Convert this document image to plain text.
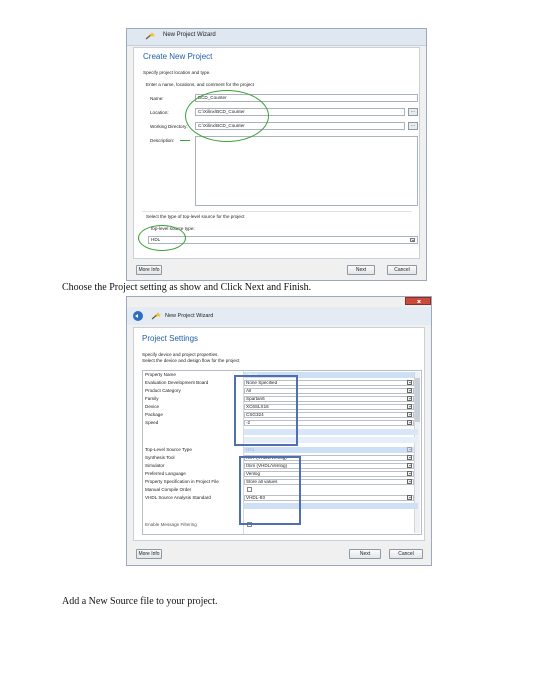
New Project Wizard
Create New Project
Specify project location and type.
Enter a name, locations, and comment for the project
Name:	BCD_Counter
Location:	C:\Xilinx\BCD_Counter	...
Working Directory:	C:\Xilinx\BCD_Counter	...
Description:
Select the type of top-level source for the project
Top-level source type:
HDL
More Info	Next	Cancel
Choose the Project setting as show and Click Next and Finish.
New Project Wizard
Project Settings
Specify device and project properties.
Select the device and design flow for the project
Property Name	Value
Evaluation Development Board	None Specified
Product Category	All
Family	Spartan6
Device	XC6SLX16
Package	CSG324
Speed	-2
Top-Level Source Type	HDL
Synthesis Tool	XST (VHDL/Verilog)
Simulator	ISim (VHDL/Verilog)
Preferred Language	Verilog
Property Specification in Project File	Store all values
Manual Compile Order
VHDL Source Analysis Standard	VHDL-93
Enable Message Filtering
More Info	Next	Cancel
Add a New Source file to your project.
